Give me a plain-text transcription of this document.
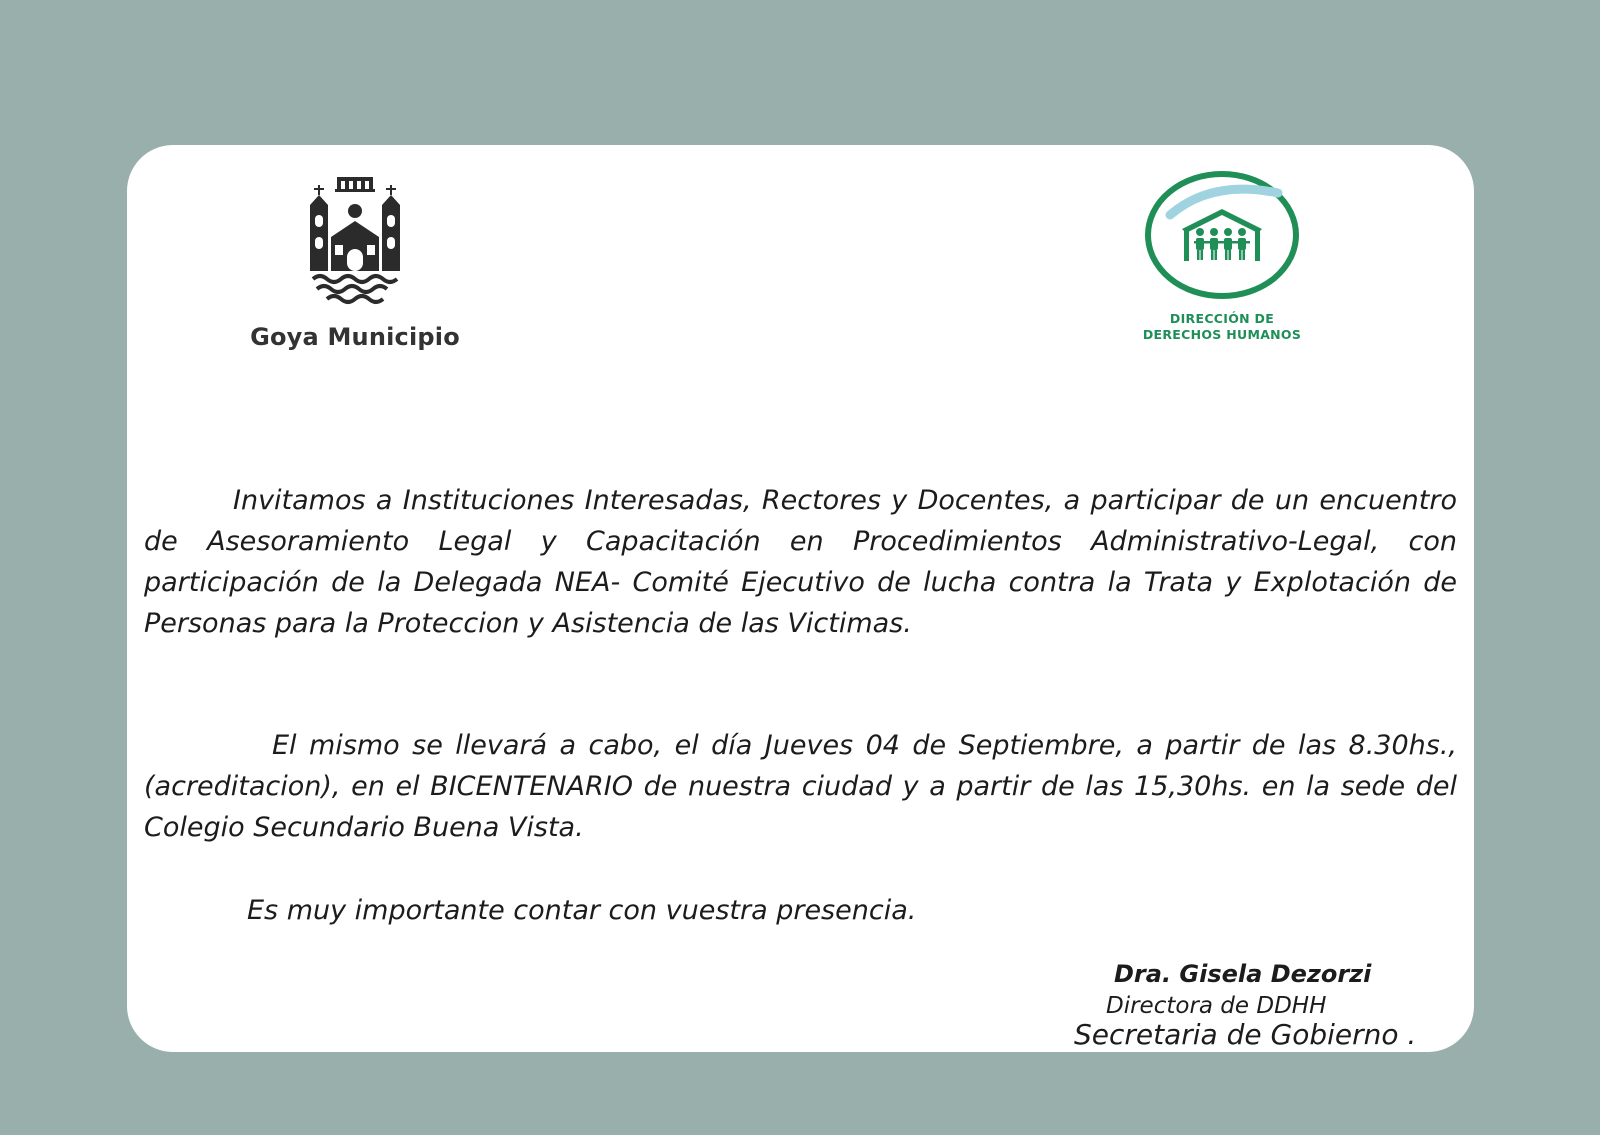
Goya Municipio
DIRECCIÓN DE
DERECHOS HUMANOS

Invitamos a Instituciones Interesadas, Rectores y Docentes, a participar de un encuentro de Asesoramiento Legal y Capacitación en Procedimientos Administrativo-Legal, con participación de la Delegada NEA- Comité Ejecutivo de lucha contra la Trata y Explotación de Personas para la Proteccion y Asistencia de las Victimas.

El mismo se llevará a cabo, el día Jueves 04 de Septiembre, a partir de las 8.30hs.,(acreditacion), en el BICENTENARIO de nuestra ciudad y a partir de las 15,30hs. en la sede del Colegio Secundario Buena Vista.

Es muy importante contar con vuestra presencia.

Dra. Gisela Dezorzi
Directora de DDHH
Secretaria de Gobierno .
